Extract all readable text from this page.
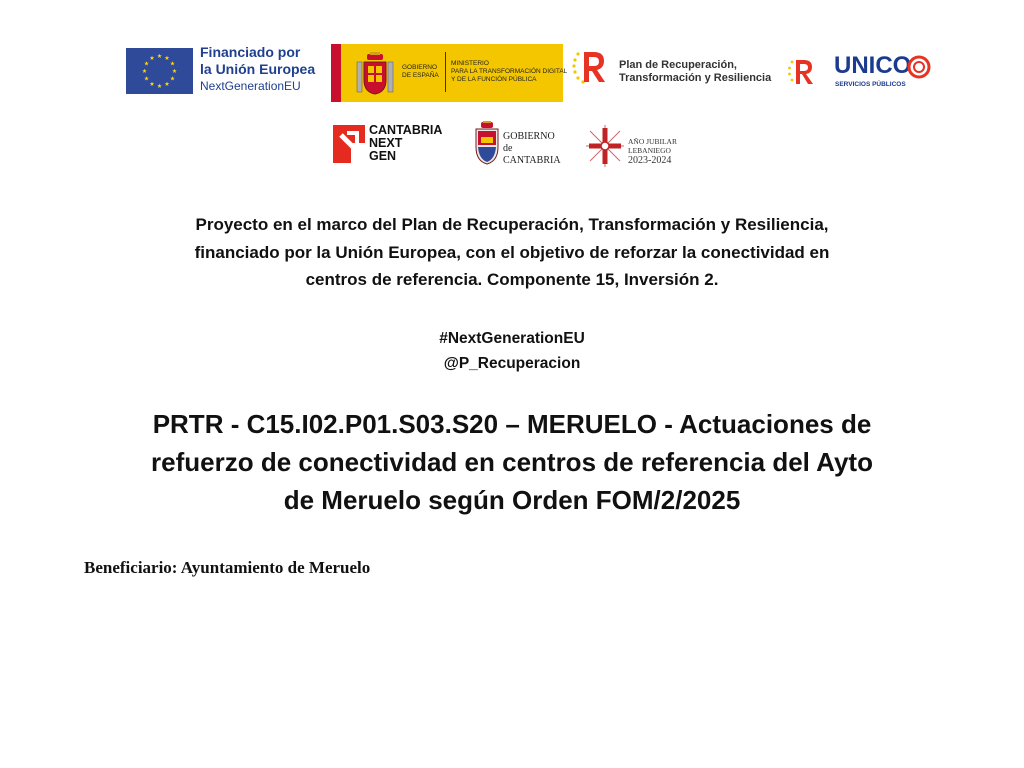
Financiado por
la Unión Europea
NextGenerationEU
GOBIERNO
DE ESPAÑA
MINISTERIO
PARA LA TRANSFORMACIÓN DIGITAL
Y DE LA FUNCIÓN PÚBLICA
Plan de Recuperación,
Transformación y Resiliencia	UNICO
SERVICIOS PÚBLICOS
CANTABRIA
NEXT
GEN
GOBIERNO
de
CANTABRIA
AÑO JUBILAR
LEBANIEGO
2023-2024
Proyecto en el marco del Plan de Recuperación, Transformación y Resiliencia,
financiado por la Unión Europea, con el objetivo de reforzar la conectividad en
centros de referencia. Componente 15, Inversión 2.
#NextGenerationEU
@P_Recuperacion
PRTR - C15.I02.P01.S03.S20 – MERUELO - Actuaciones de
refuerzo de conectividad en centros de referencia del Ayto
de Meruelo según Orden FOM/2/2025
Beneficiario: Ayuntamiento de Meruelo
